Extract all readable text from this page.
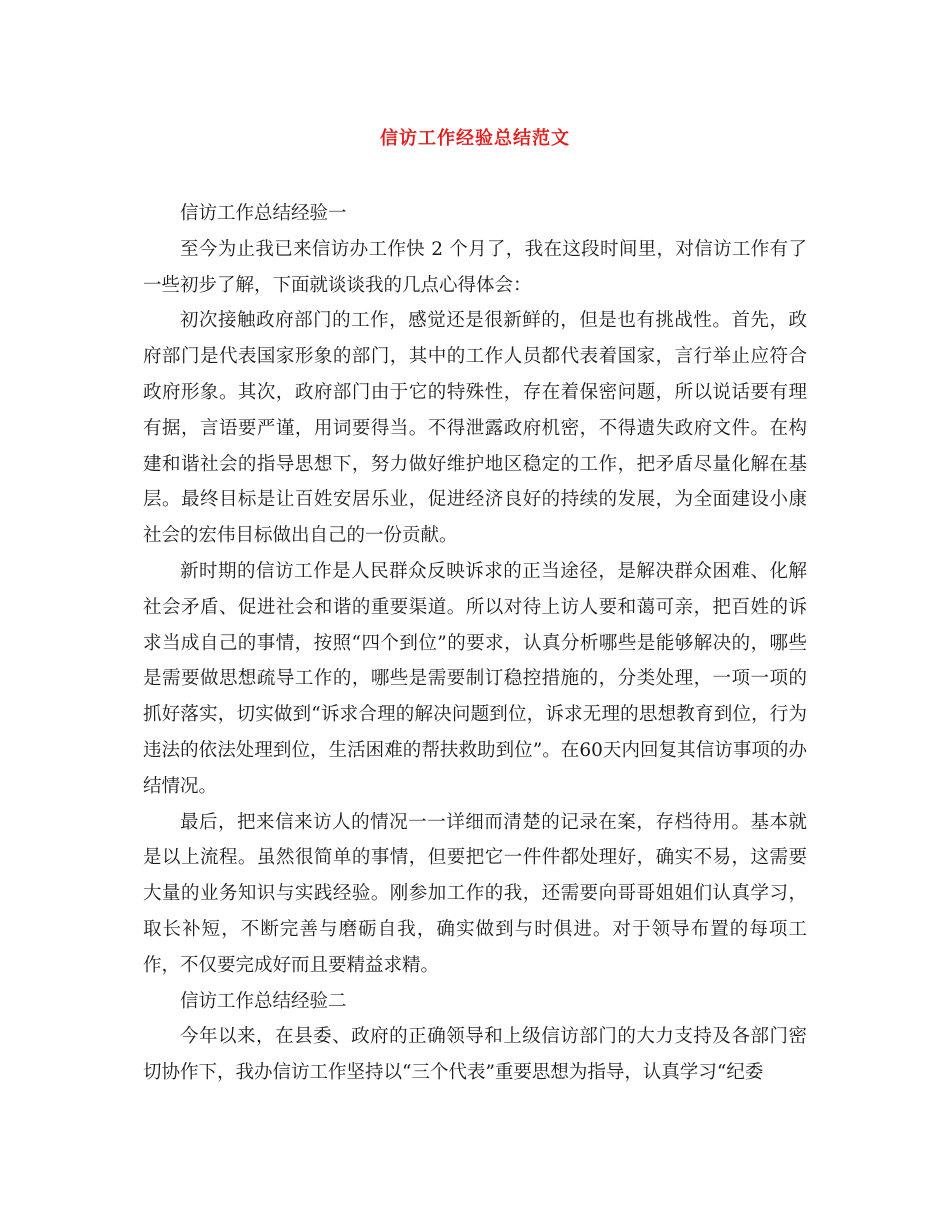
信访工作经验总结范文

信访工作总结经验一

至今为止我已来信访办工作快 2 个月了，我在这段时间里，对信访工作有了一些初步了解，下面就谈谈我的几点心得体会：

初次接触政府部门的工作，感觉还是很新鲜的，但是也有挑战性。首先，政府部门是代表国家形象的部门，其中的工作人员都代表着国家，言行举止应符合政府形象。其次，政府部门由于它的特殊性，存在着保密问题，所以说话要有理有据，言语要严谨，用词要得当。不得泄露政府机密，不得遗失政府文件。在构建和谐社会的指导思想下，努力做好维护地区稳定的工作，把矛盾尽量化解在基层。最终目标是让百姓安居乐业，促进经济良好的持续的发展，为全面建设小康社会的宏伟目标做出自己的一份贡献。

新时期的信访工作是人民群众反映诉求的正当途径，是解决群众困难、化解社会矛盾、促进社会和谐的重要渠道。所以对待上访人要和蔼可亲，把百姓的诉求当成自己的事情，按照“四个到位”的要求，认真分析哪些是能够解决的，哪些是需要做思想疏导工作的，哪些是需要制订稳控措施的，分类处理，一项一项的抓好落实，切实做到“诉求合理的解决问题到位，诉求无理的思想教育到位，行为违法的依法处理到位，生活困难的帮扶救助到位”。在60天内回复其信访事项的办结情况。

最后，把来信来访人的情况一一详细而清楚的记录在案，存档待用。基本就是以上流程。虽然很简单的事情，但要把它一件件都处理好，确实不易，这需要大量的业务知识与实践经验。刚参加工作的我，还需要向哥哥姐姐们认真学习，取长补短，不断完善与磨砺自我，确实做到与时俱进。对于领导布置的每项工作，不仅要完成好而且要精益求精。

信访工作总结经验二

今年以来，在县委、政府的正确领导和上级信访部门的大力支持及各部门密切协作下，我办信访工作坚持以“三个代表”重要思想为指导，认真学习“纪委
